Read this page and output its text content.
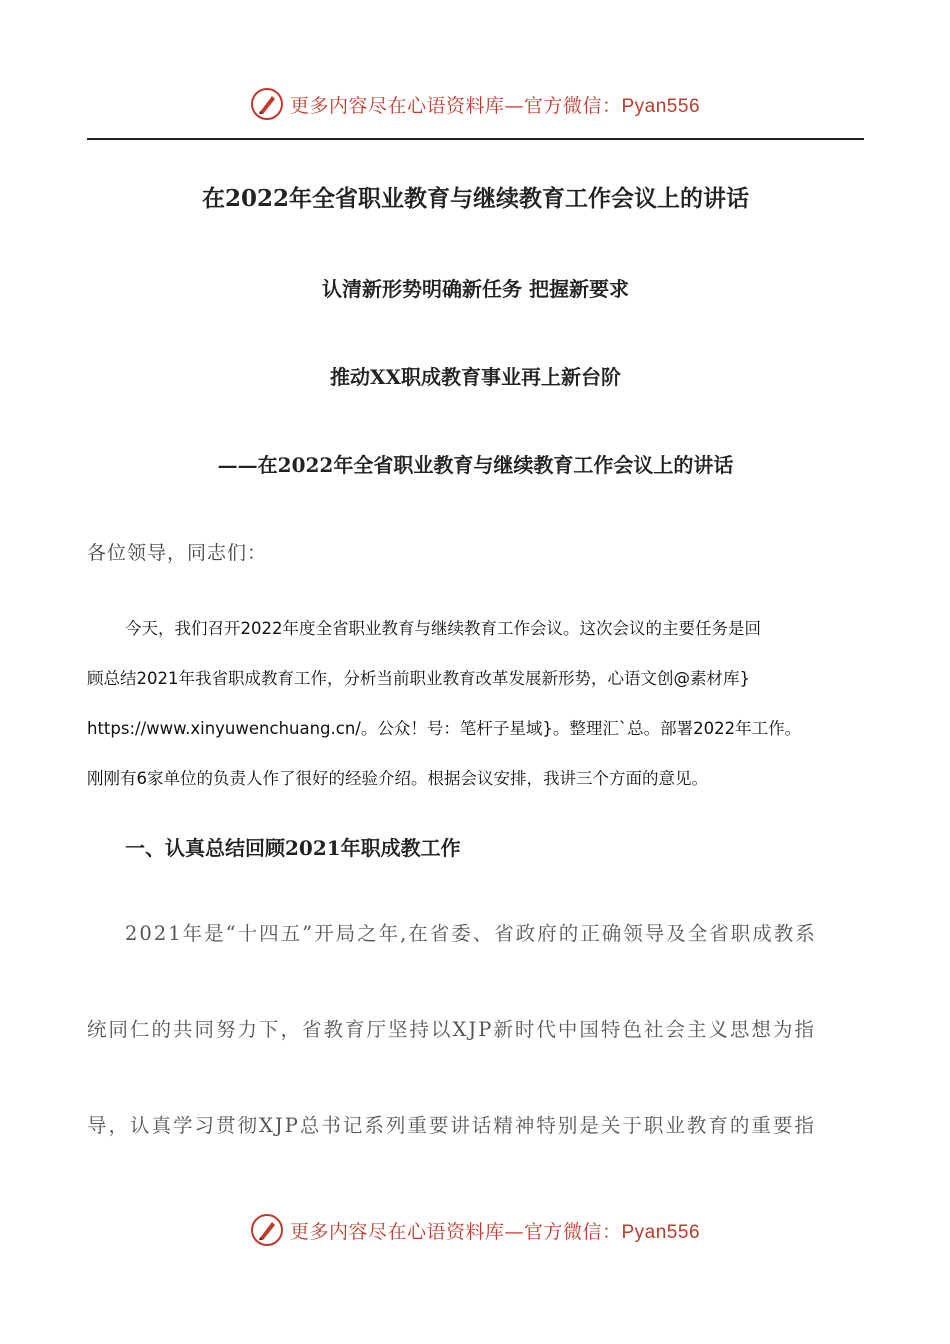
更多内容尽在心语资料库—官方微信：Pyan556
在2022年全省职业教育与继续教育工作会议上的讲话
认清新形势明确新任务 把握新要求
推动XX职成教育事业再上新台阶
——在2022年全省职业教育与继续教育工作会议上的讲话
各位领导，同志们：
今天，我们召开2022年度全省职业教育与继续教育工作会议。这次会议的主要任务是回
顾总结2021年我省职成教育工作，分析当前职业教育改革发展新形势，心语文创@素材库}
https://www.xinyuwenchuang.cn/。公众！号：笔杆子星域}。整理汇`总。部署2022年工作。
刚刚有6家单位的负责人作了很好的经验介绍。根据会议安排，我讲三个方面的意见。
一、认真总结回顾2021年职成教工作
2021年是“十四五”开局之年,在省委、省政府的正确领导及全省职成教系
统同仁的共同努力下，省教育厅坚持以XJP新时代中国特色社会主义思想为指
导，认真学习贯彻XJP总书记系列重要讲话精神特别是关于职业教育的重要指
更多内容尽在心语资料库—官方微信：Pyan556
